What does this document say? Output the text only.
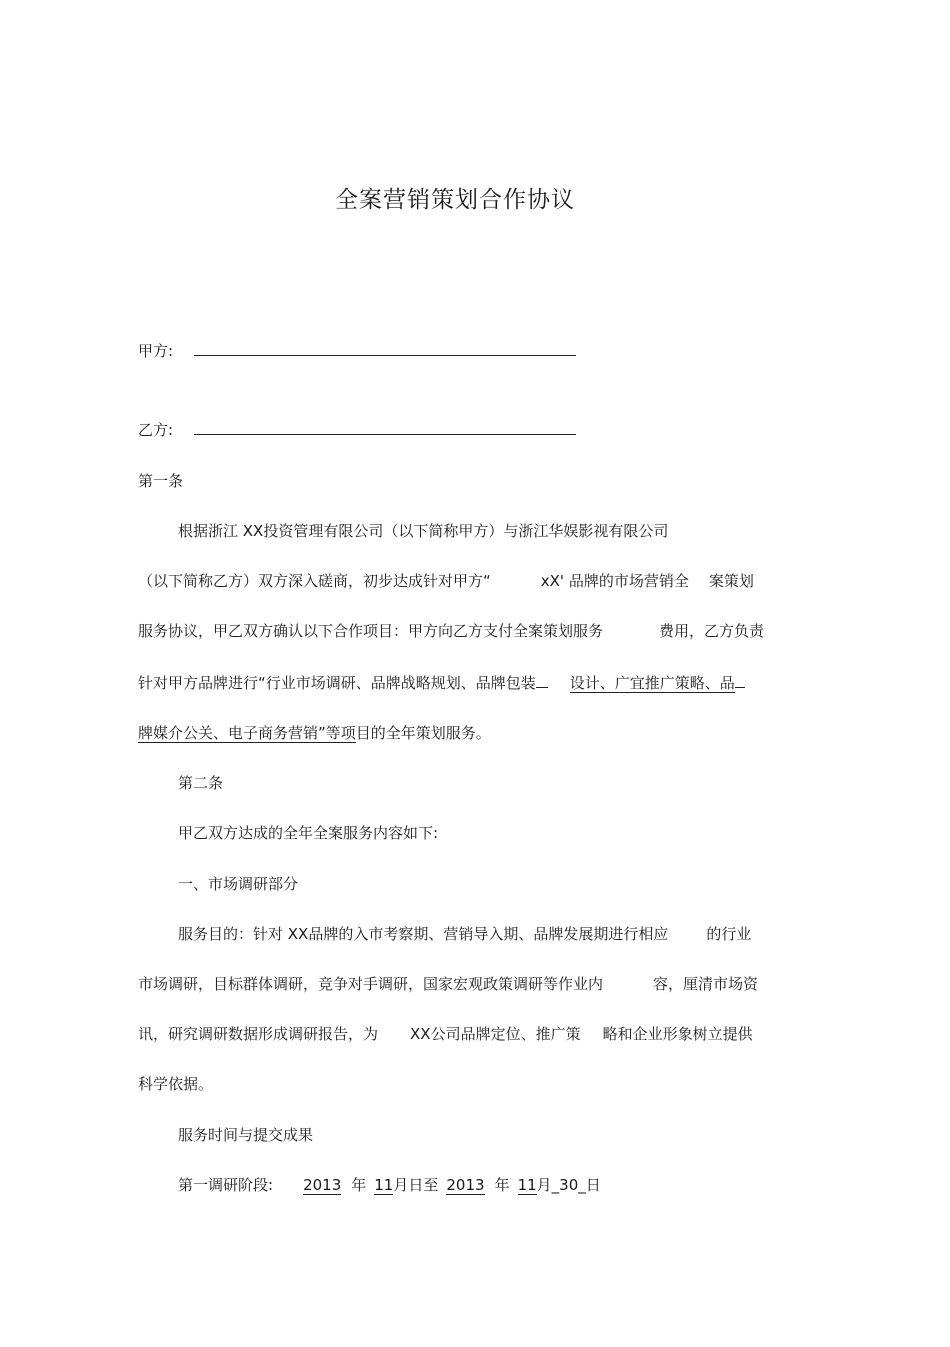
全案营销策划合作协议
甲方:
乙方:
第一条
根据浙江 XX投资管理有限公司（以下简称甲方）与浙江华娱影视有限公司
（以下简称乙方）双方深入磋商，初步达成针对甲方“	xX' 品牌的市场营销全 案策划
服务协议，甲乙双方确认以下合作项目：甲方向乙方支付全案策划服务	费用，乙方负责
针对甲方品牌进行“行业市场调研、品牌战略规划、品牌包装 设计、广宜推广策略、品
牌媒介公关、电子商务营销”等项目的全年策划服务。
第二条
甲乙双方达成的全年全案服务内容如下:
一、市场调研部分
服务目的：针对 XX品牌的入市考察期、营销导入期、品牌发展期进行相应	的行业
市场调研，目标群体调研，竞争对手调研，国家宏观政策调研等作业内	容，厘清市场资
讯，研究调研数据形成调研报告，为 XX公司品牌定位、推广策 略和企业形象树立提供
科学依据。
服务时间与提交成果
第一调研阶段: 2013 年 11月日至 2013 年 11月_30_日
